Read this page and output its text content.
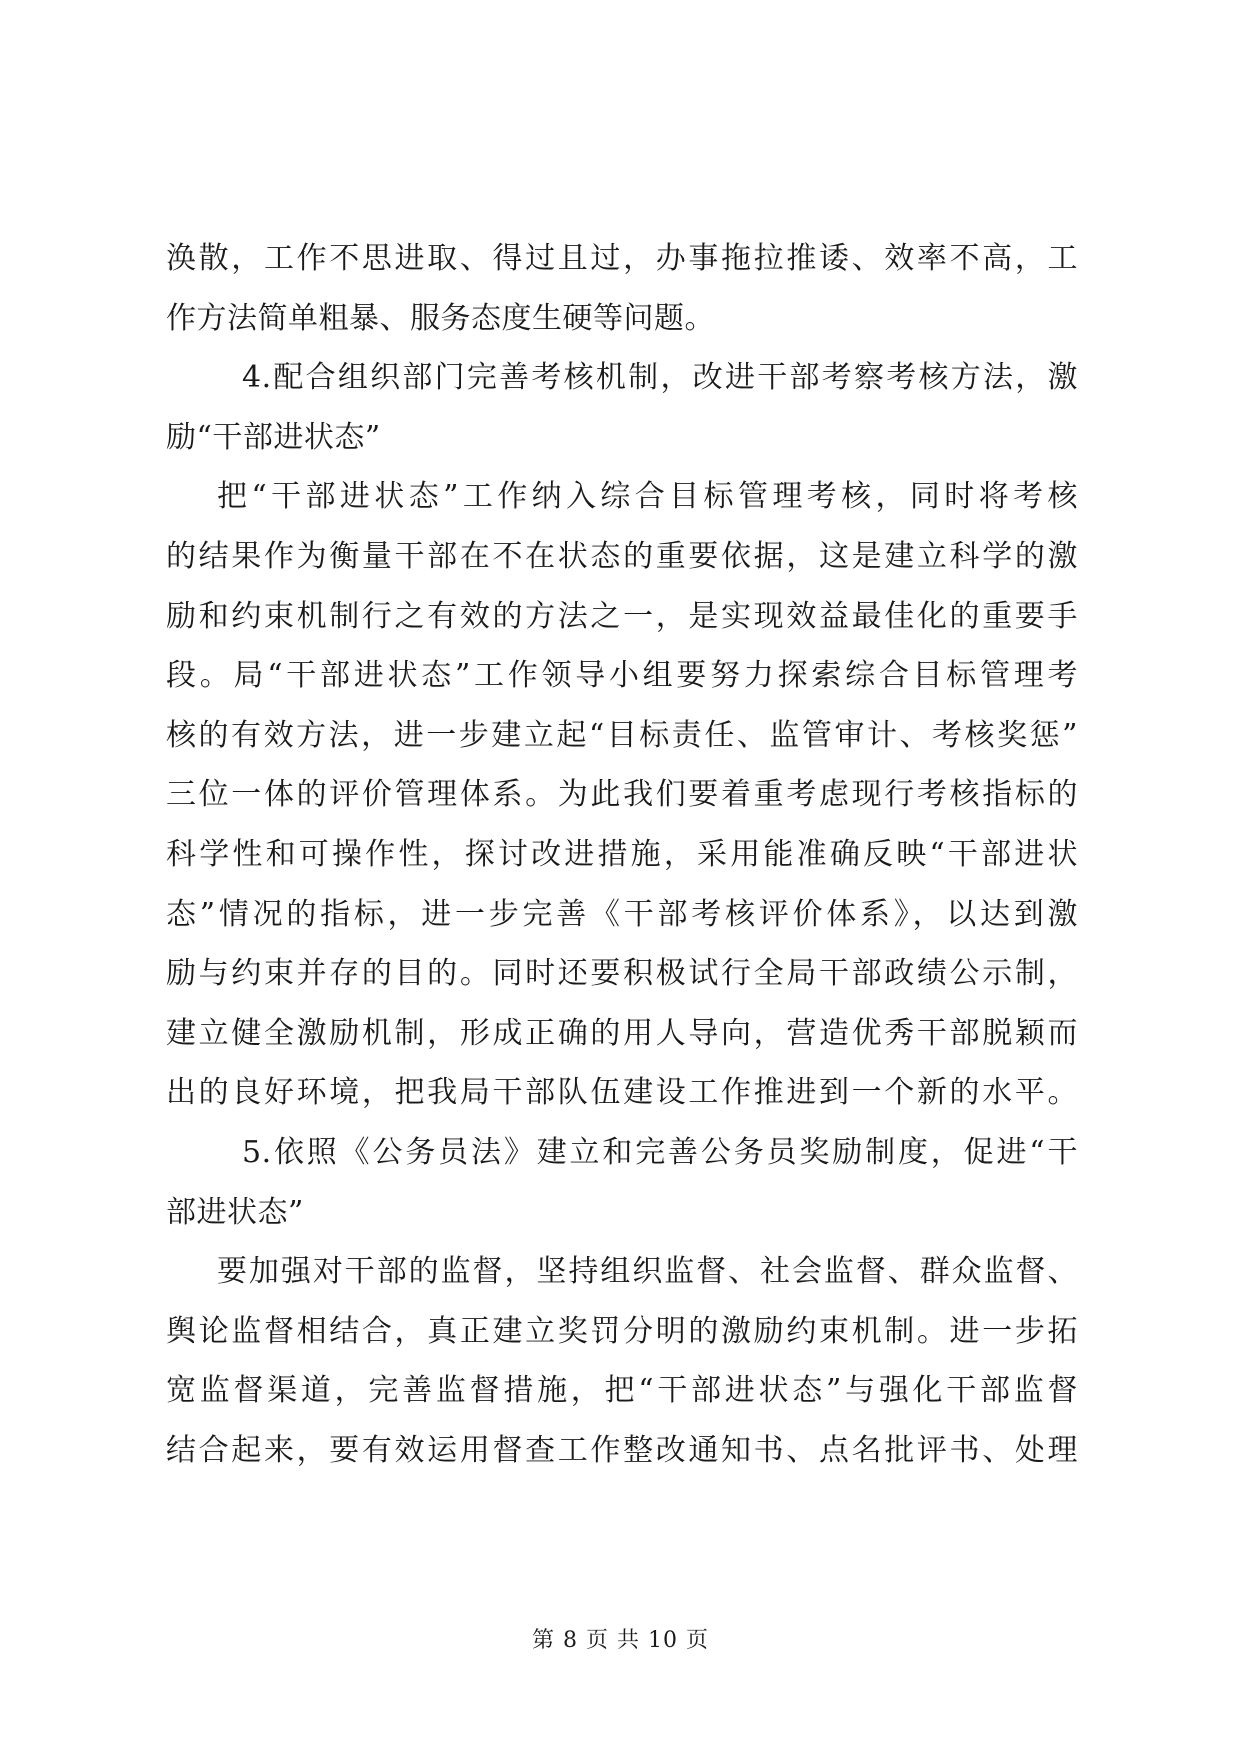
涣散，工作不思进取、得过且过，办事拖拉推诿、效率不高，工
作方法简单粗暴、服务态度生硬等问题。
4.配合组织部门完善考核机制，改进干部考察考核方法，激
励“干部进状态”
把“干部进状态”工作纳入综合目标管理考核，同时将考核
的结果作为衡量干部在不在状态的重要依据，这是建立科学的激
励和约束机制行之有效的方法之一，是实现效益最佳化的重要手
段。局“干部进状态”工作领导小组要努力探索综合目标管理考
核的有效方法，进一步建立起“目标责任、监管审计、考核奖惩”
三位一体的评价管理体系。为此我们要着重考虑现行考核指标的
科学性和可操作性，探讨改进措施，采用能准确反映“干部进状
态”情况的指标，进一步完善《干部考核评价体系》，以达到激
励与约束并存的目的。同时还要积极试行全局干部政绩公示制，
建立健全激励机制，形成正确的用人导向，营造优秀干部脱颖而
出的良好环境，把我局干部队伍建设工作推进到一个新的水平。
5.依照《公务员法》建立和完善公务员奖励制度，促进“干
部进状态”
要加强对干部的监督，坚持组织监督、社会监督、群众监督、
舆论监督相结合，真正建立奖罚分明的激励约束机制。进一步拓
宽监督渠道，完善监督措施，把“干部进状态”与强化干部监督
结合起来，要有效运用督查工作整改通知书、点名批评书、处理
第 8 页 共 10 页
